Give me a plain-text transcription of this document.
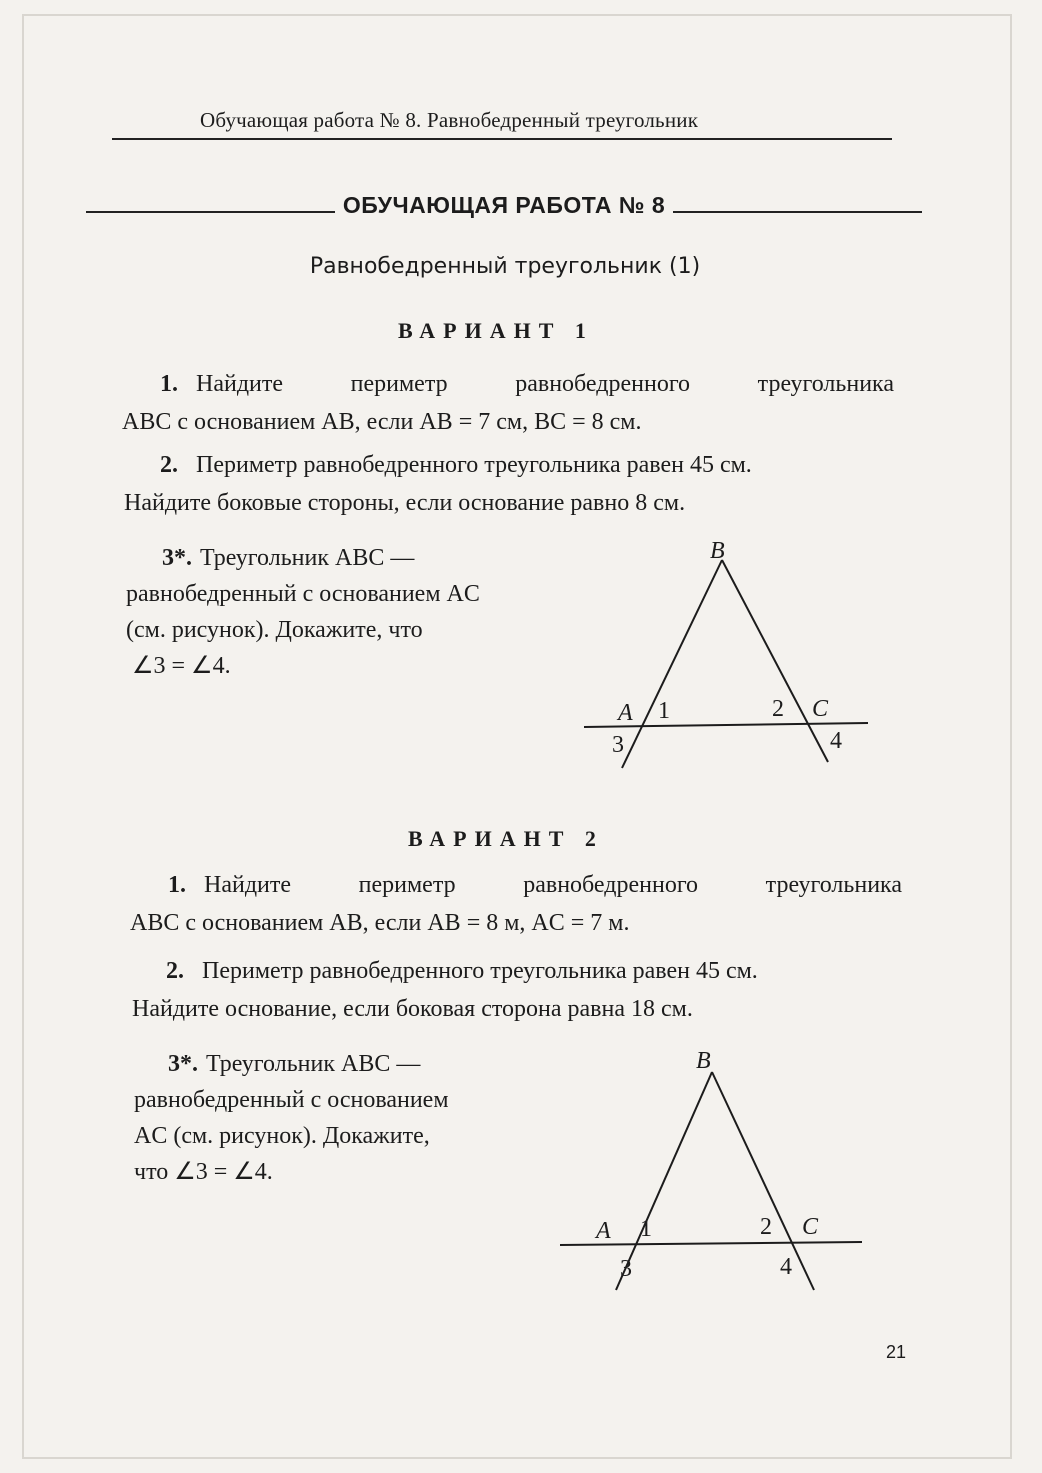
Обучающая работа № 8. Равнобедренный треугольник
ОБУЧАЮЩАЯ РАБОТА № 8
Равнобедренный треугольник (1)
ВАРИАНТ 1
1. Найдите периметр равнобедренного треугольника
ABC с основанием AB, если AB = 7 см, BC = 8 см.
2. Периметр равнобедренного треугольника равен 45 см.
Найдите боковые стороны, если основание равно 8 см.
3*. Треугольник ABC —
равнобедренный с основанием AC
(см. рисунок). Докажите, что
∠3 = ∠4.
B
A 1	2 C
3	4
ВАРИАНТ 2
1. Найдите периметр равнобедренного треугольника
ABC с основанием AB, если AB = 8 м, AC = 7 м.
2. Периметр равнобедренного треугольника равен 45 см.
Найдите основание, если боковая сторона равна 18 см.
3*. Треугольник ABC —
равнобедренный с основанием
AC (см. рисунок). Докажите,
что ∠3 = ∠4.
B
A 1	2 C
3	4
21
